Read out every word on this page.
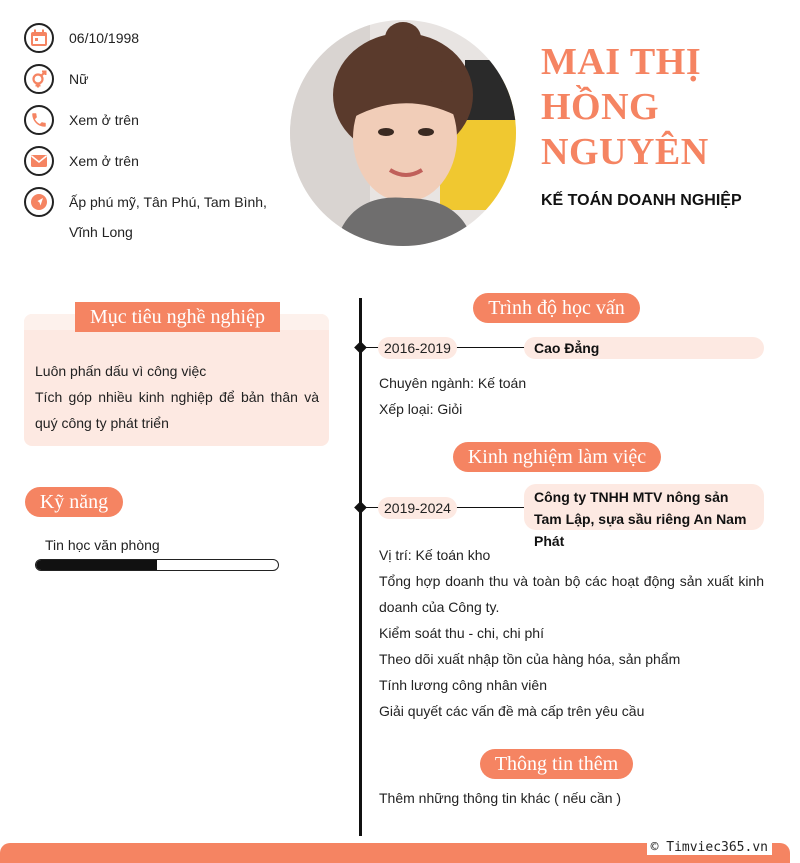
06/10/1998
Nữ
Xem ở trên
Xem ở trên
Ấp phú mỹ, Tân Phú, Tam Bình,
Vĩnh Long
MAI THỊ
HỒNG
NGUYÊN
KẾ TOÁN DOANH NGHIỆP
Mục tiêu nghề nghiệp
Luôn phấn dấu vì công việc
Tích góp nhiều kinh nghiệp để bản thân và quý công ty phát triển
Kỹ năng
Tin học văn phòng
Trình độ học vấn
2016-2019	Cao Đẳng
Chuyên ngành: Kế toán
Xếp loại: Giỏi
Kinh nghiệm làm việc
2019-2024
Công ty TNHH MTV nông sản Tam Lập, sựa sầu riêng An Nam Phát
Vị trí: Kế toán kho
Tổng hợp doanh thu và toàn bộ các hoạt động sản xuất kinh doanh của Công ty.
Kiểm soát thu - chi, chi phí
Theo dõi xuất nhập tồn của hàng hóa, sản phẩm
Tính lương công nhân viên
Giải quyết các vấn đề mà cấp trên yêu cầu
Thông tin thêm
Thêm những thông tin khác ( nếu cần )
© Timviec365.vn
